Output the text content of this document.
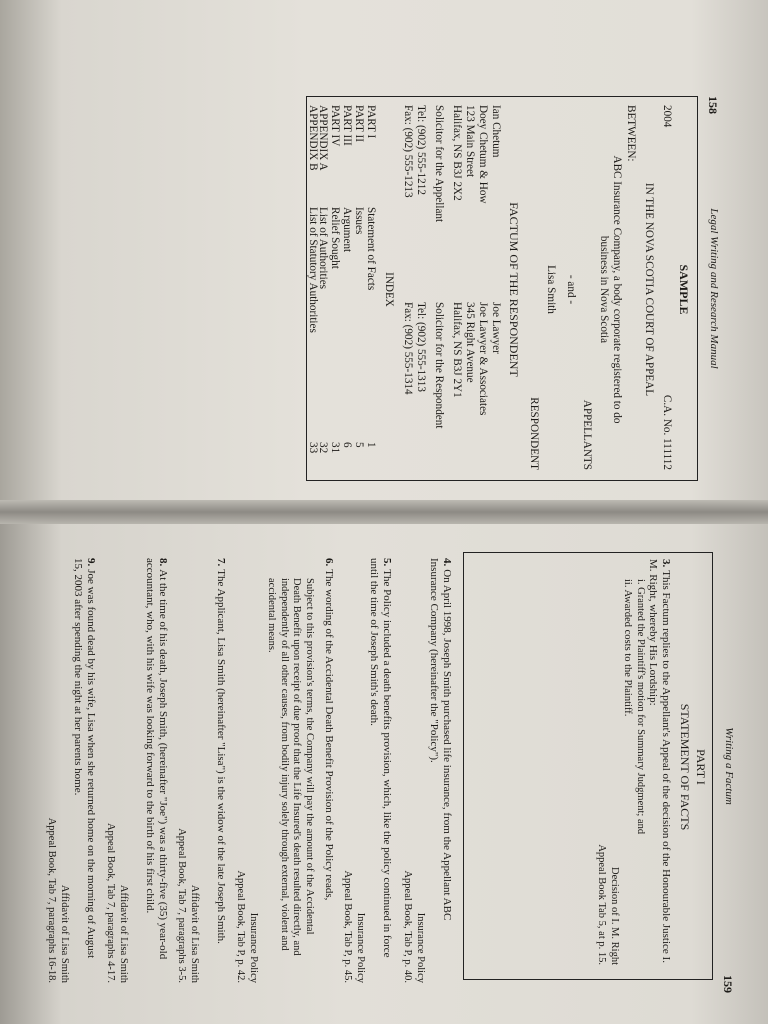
158
Legal Writing and Research Manual
SAMPLE
2004
C.A. No. 111112
IN THE NOVA SCOTIA COURT OF APPEAL
BETWEEN:
ABC Insurance Company, a body corporate registered to do
business in Nova Scotia
APPELLANTS
- and -
Lisa Smith
RESPONDENT
FACTUM OF THE RESPONDENT
Ian Chetum
Doey Chetum & How
123 Main Street
Halifax, NS B3J 2X2
Joe Lawyer
Joe Lawyer & Associates
345 Right Avenue
Halifax, NS B3J 2Y1
Solicitor for the Appellant
Solicitor for the Respondent
Tel: (902) 555-1212
Fax: (902) 555-1213
Tel: (902) 555-1313
Fax: (902) 555-1314
INDEX
PART I
Statement of Facts
1
PART II
Issues
5
PART III
Argument
6
PART IV
Relief Sought
31
APPENDIX A
List of Authorities
32
APPENDIX B
List of Statutory Authorities
33
Writing a Factum
159
PART I
STATEMENT OF FACTS
3.This Factum replies to the Appellant's Appeal of the decision of the Honourable Justice I. M. Right, whereby His Lordship:
i. Granted the Plaintiff's motion for Summary Judgment; and
ii. Awarded costs to the Plaintiff.
Decision of I. M. Right
Appeal Book Tab 5, at p. 15.
4.On April 1998, Joseph Smith purchased life insurance, from the Appellant ABC Insurance Company (hereinafter the "Policy").
Insurance Policy
Appeal Book, Tab P, p. 40.
5.The Policy included a death benefits provision, which, like the policy continued in force until the time of Joseph Smith's death.
Insurance Policy
Appeal Book, Tab P, p. 45.
6.The wording of the Accidental Death Benefit Provision of the Policy reads,
Subject to this provision's terms, the Company will pay the amount of the Accidental Death Benefit upon receipt of due proof that the Life Insured's death resulted directly, and independently of all other causes, from bodily injury solely through external, violent and accidental means.
Insurance Policy
Appeal Book, Tab P, p. 42.
7.The Applicant, Lisa Smith (hereinafter "Lisa") is the widow of the late Joseph Smith.
Affidavit of Lisa Smith
Appeal Book, Tab 7, paragraphs 3-5.
8.At the time of his death, Joseph Smith, (hereinafter "Joe") was a thirty-five (35) year-old accountant, who, with his wife was looking forward to the birth of his first child.
Affidavit of Lisa Smith
Appeal Book, Tab 7, paragraphs 4-17.
9.Joe was found dead by his wife, Lisa when she returned home on the morning of August 15, 2003 after spending the night at her parents home.
Affidavit of Lisa Smith
Appeal Book, Tab 7, paragraphs 16-18.
